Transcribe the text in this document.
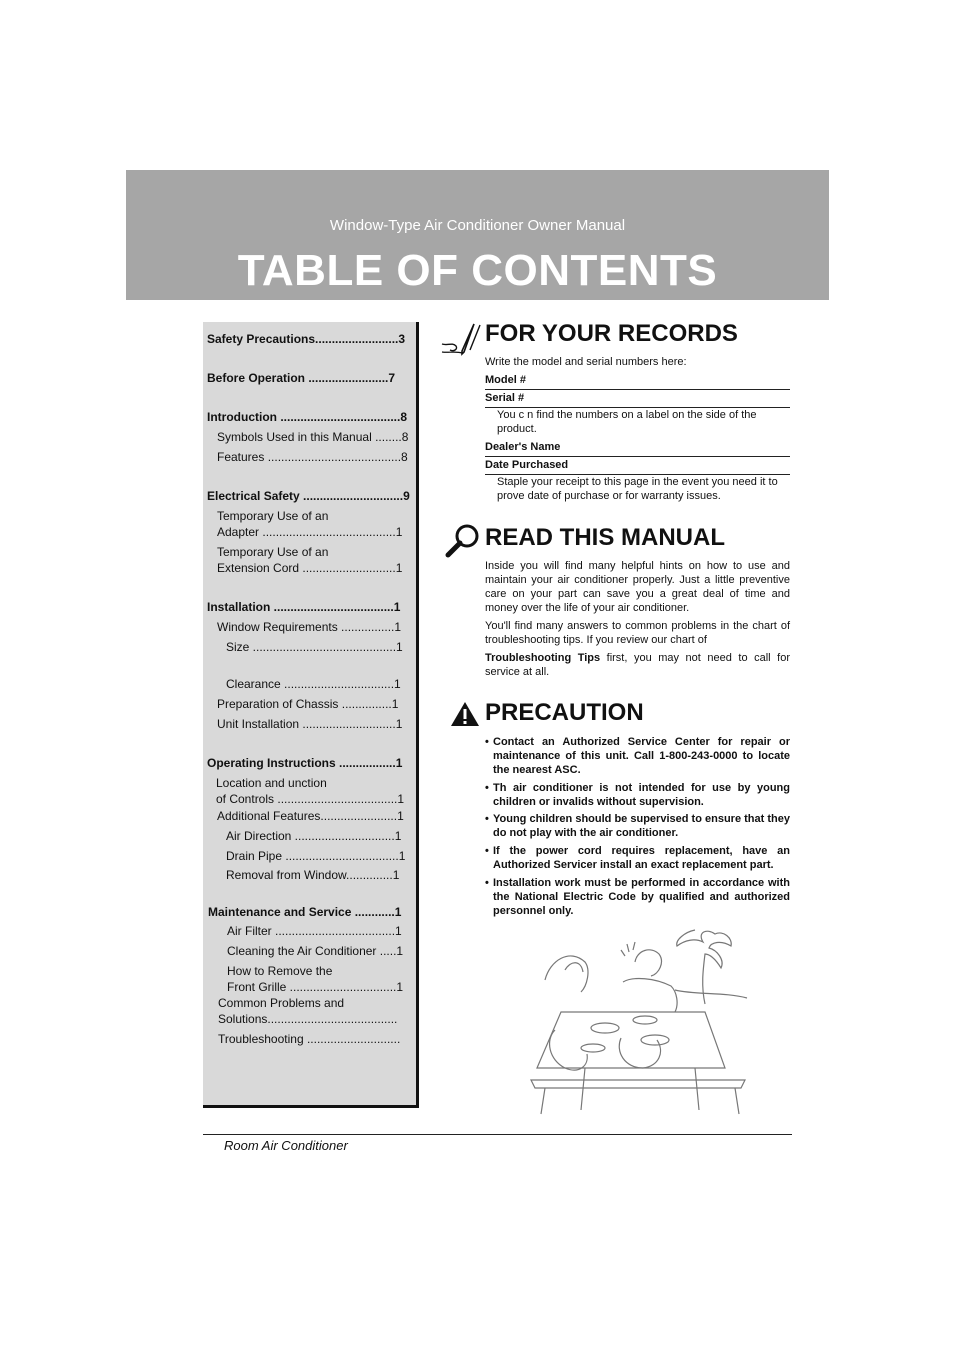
Window-Type Air Conditioner Owner Manual
TABLE OF CONTENTS
Safety Precautions.........................3
Before Operation ........................7
Introduction ....................................8
Symbols Used in this Manual ........8
Features ........................................8
Electrical Safety ..............................9
Temporary Use of an
Adapter ........................................1
Temporary Use of an
Extension Cord ............................1
Installation ....................................1
Window Requirements ................1
Size ...........................................1
Clearance .................................1
Preparation of Chassis ...............1
Unit Installation ............................1
Operating Instructions .................1
Location and unction
of Controls ....................................1
Additional Features.......................1
Air Direction ..............................1
Drain Pipe ..................................1
Removal from Window..............1
Maintenance and Service ............1
Air Filter ....................................1
Cleaning the Air Conditioner .....1
How to Remove the
Front Grille ................................1
Common Problems and
Solutions.......................................
Troubleshooting ............................
FOR YOUR RECORDS
Write the model and serial numbers here:
Model #
Serial #
You c n find the numbers on a label on the side of the product.
Dealer's Name
Date Purchased
Staple your receipt to this page in the event you need it to prove date of purchase or for warranty issues.
READ THIS MANUAL
Inside you will find many helpful hints on how to use and maintain your air conditioner properly. Just a little preventive care on your part can save you a great deal of time and money over the life of your air conditioner.
You'll find many answers to common problems in the chart of troubleshooting tips. If you review our chart of
Troubleshooting Tips first, you may not need to call for service at all.
PRECAUTION
• Contact an Authorized Service Center for repair or maintenance of this unit. Call 1-800-243-0000 to locate the nearest ASC.
• Th air conditioner is not intended for use by young children or invalids without supervision.
• Young children should be supervised to ensure that they do not play with the air conditioner.
• If the power cord requires replacement, have an Authorized Servicer install an exact replacement part.
• Installation work must be performed in accordance with the National Electric Code by qualified and authorized personnel only.
Room Air Conditioner
